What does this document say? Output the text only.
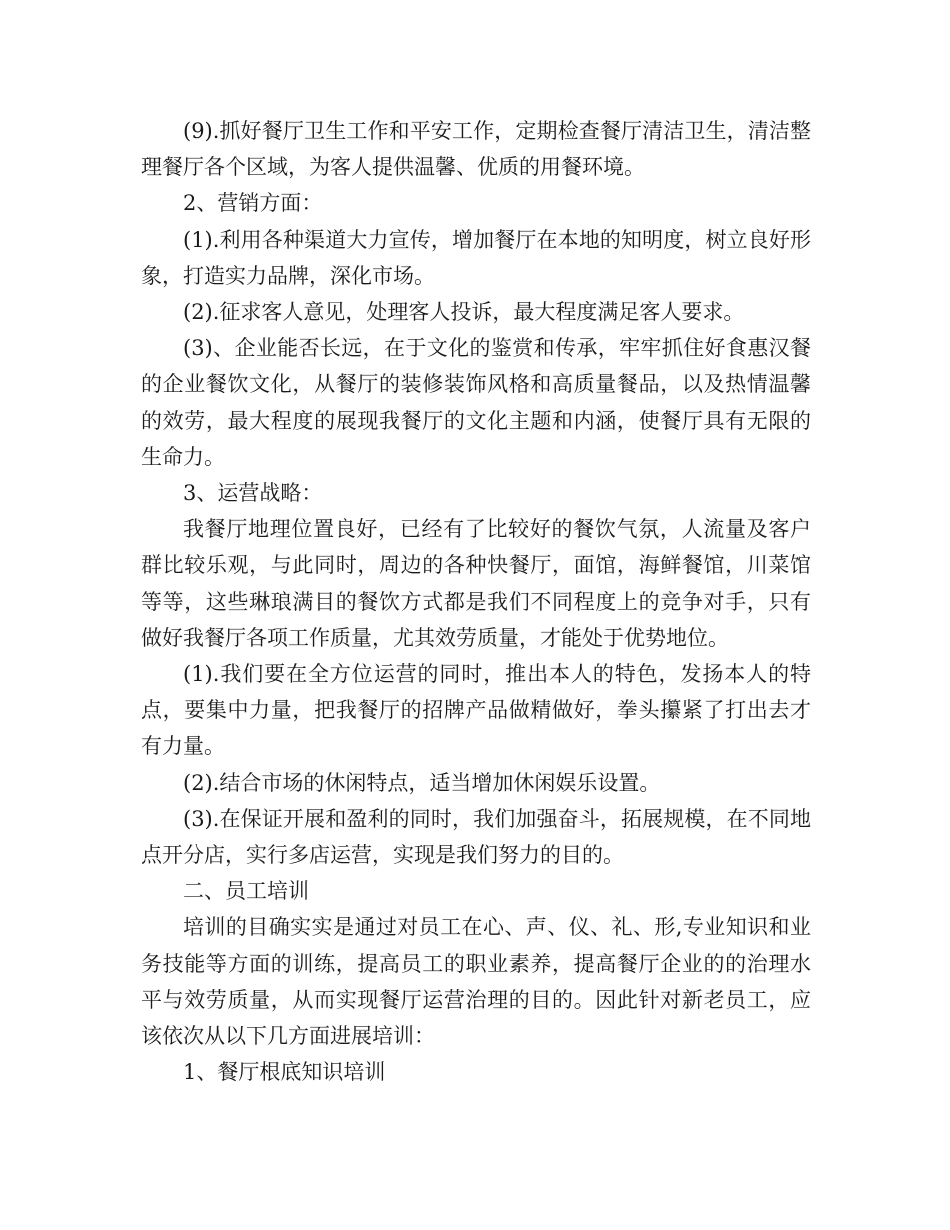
(9).抓好餐厅卫生工作和平安工作，定期检查餐厅清洁卫生，清洁整理餐厅各个区域，为客人提供温馨、优质的用餐环境。

2、营销方面：

(1).利用各种渠道大力宣传，增加餐厅在本地的知明度，树立良好形象，打造实力品牌，深化市场。

(2).征求客人意见，处理客人投诉，最大程度满足客人要求。

(3)、企业能否长远，在于文化的鉴赏和传承，牢牢抓住好食惠汉餐的企业餐饮文化，从餐厅的装修装饰风格和高质量餐品，以及热情温馨的效劳，最大程度的展现我餐厅的文化主题和内涵，使餐厅具有无限的生命力。

3、运营战略：

我餐厅地理位置良好，已经有了比较好的餐饮气氛，人流量及客户群比较乐观，与此同时，周边的各种快餐厅，面馆，海鲜餐馆，川菜馆等等，这些琳琅满目的餐饮方式都是我们不同程度上的竞争对手，只有做好我餐厅各项工作质量，尤其效劳质量，才能处于优势地位。

(1).我们要在全方位运营的同时，推出本人的特色，发扬本人的特点，要集中力量，把我餐厅的招牌产品做精做好，拳头攥紧了打出去才有力量。

(2).结合市场的休闲特点，适当增加休闲娱乐设置。

(3).在保证开展和盈利的同时，我们加强奋斗，拓展规模，在不同地点开分店，实行多店运营，实现是我们努力的目的。

二、员工培训

培训的目确实实是通过对员工在心、声、仪、礼、形,专业知识和业务技能等方面的训练，提高员工的职业素养，提高餐厅企业的的治理水平与效劳质量，从而实现餐厅运营治理的目的。因此针对新老员工，应该依次从以下几方面进展培训：

1、餐厅根底知识培训
